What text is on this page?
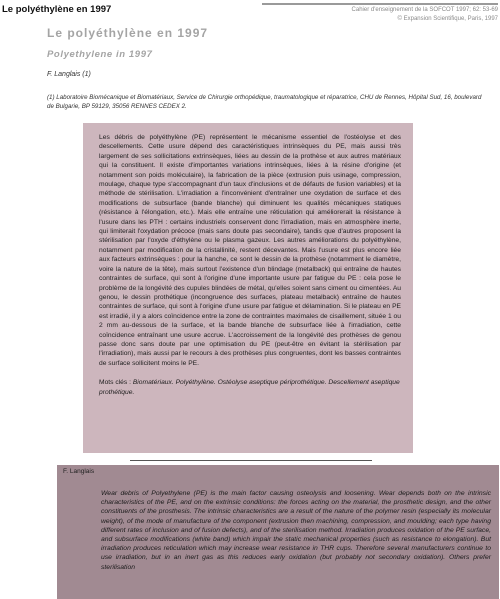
Le polyéthylène en 1997	Cahier d'enseignement de la SOFCOT 1997; 62: 53-69
© Expansion Scientifique, Paris, 1997
Le polyéthylène en 1997
Polyethylene in 1997
F. Langlais (1)
(1) Laboratoire Biomécanique et Biomatériaux, Service de Chirurgie orthopédique, traumatologique et réparatrice, CHU de Rennes, Hôpital Sud, 16, boulevard de Bulgarie, BP 59129, 35056 RENNES CEDEX 2.

Les débris de polyéthylène (PE) représentent le mécanisme essentiel de l'ostéolyse et des descellements. Cette usure dépend des caractéristiques intrinsèques du PE, mais aussi très largement de ses sollicitations extrinsèques, liées au dessin de la prothèse et aux autres matériaux qui la constituent. Il existe d'importantes variations intrinsèques, liées à la résine d'origine (et notamment son poids moléculaire), la fabrication de la pièce (extrusion puis usinage, compression, moulage, chaque type s'accompagnant d'un taux d'inclusions et de défauts de fusion variables) et la méthode de stérilisation. L'irradiation a l'inconvénient d'entraîner une oxydation de surface et des modifications de subsurface (bande blanche) qui diminuent les qualités mécaniques statiques (résistance à l'élongation, etc.). Mais elle entraîne une réticulation qui améliorerait la résistance à l'usure dans les PTH : certains industriels conservent donc l'irradiation, mais en atmosphère inerte, qui limiterait l'oxydation précoce (mais sans doute pas secondaire), tandis que d'autres proposent la stérilisation par l'oxyde d'éthylène ou le plasma gazeux. Les autres améliorations du polyéthylène, notamment par modification de la cristallinité, restent décevantes. Mais l'usure est plus encore liée aux facteurs extrinsèques : pour la hanche, ce sont le dessin de la prothèse (notamment le diamètre, voire la nature de la tête), mais surtout l'existence d'un blindage (metalback) qui entraîne de hautes contraintes de surface, qui sont à l'origine d'une importante usure par fatigue du PE : cela pose le problème de la longévité des cupules blindées de métal, qu'elles soient sans ciment ou cimentées. Au genou, le dessin prothétique (incongruence des surfaces, plateau metalback) entraîne de hautes contraintes de surface, qui sont à l'origine d'une usure par fatigue et délamination. Si le plateau en PE est irradié, il y a alors coïncidence entre la zone de contraintes maximales de cisaillement, située 1 ou 2 mm au-dessous de la surface, et la bande blanche de subsurface liée à l'irradiation, cette coïncidence entraînant une usure accrue. L'accroissement de la longévité des prothèses de genou passe donc sans doute par une optimisation du PE (peut-être en évitant la stérilisation par l'irradiation), mais aussi par le recours à des prothèses plus congruentes, dont les basses contraintes de surface sollicitent moins le PE.

Mots clés : Biomatériaux. Polyéthylène. Ostéolyse aseptique périprothétique. Descellement aseptique prothétique.

F. Langlais

Wear debris of Polyethylene (PE) is the main factor causing osteolysis and loosening. Wear depends both on the intrinsic characteristics of the PE, and on the extrinsic conditions: the forces acting on the material, the prosthetic design, and the other constituents of the prosthesis. The intrinsic characteristics are a result of the nature of the polymer resin (especially its molecular weight), of the mode of manufacture of the component (extrusion then machining, compression, and moulding; each type having different rates of inclusion and of fusion defects), and of the sterilisation method. Irradiation produces oxidation of the PE surface, and subsurface modifications (white band) which impair the static mechanical properties (such as resistance to elongation). But irradiation produces reticulation which may increase wear resistance in THR cups. Therefore several manufacturers continue to use irradiation, but in an inert gas as this reduces early oxidation (but probably not secondary oxidation). Others prefer sterilisation
